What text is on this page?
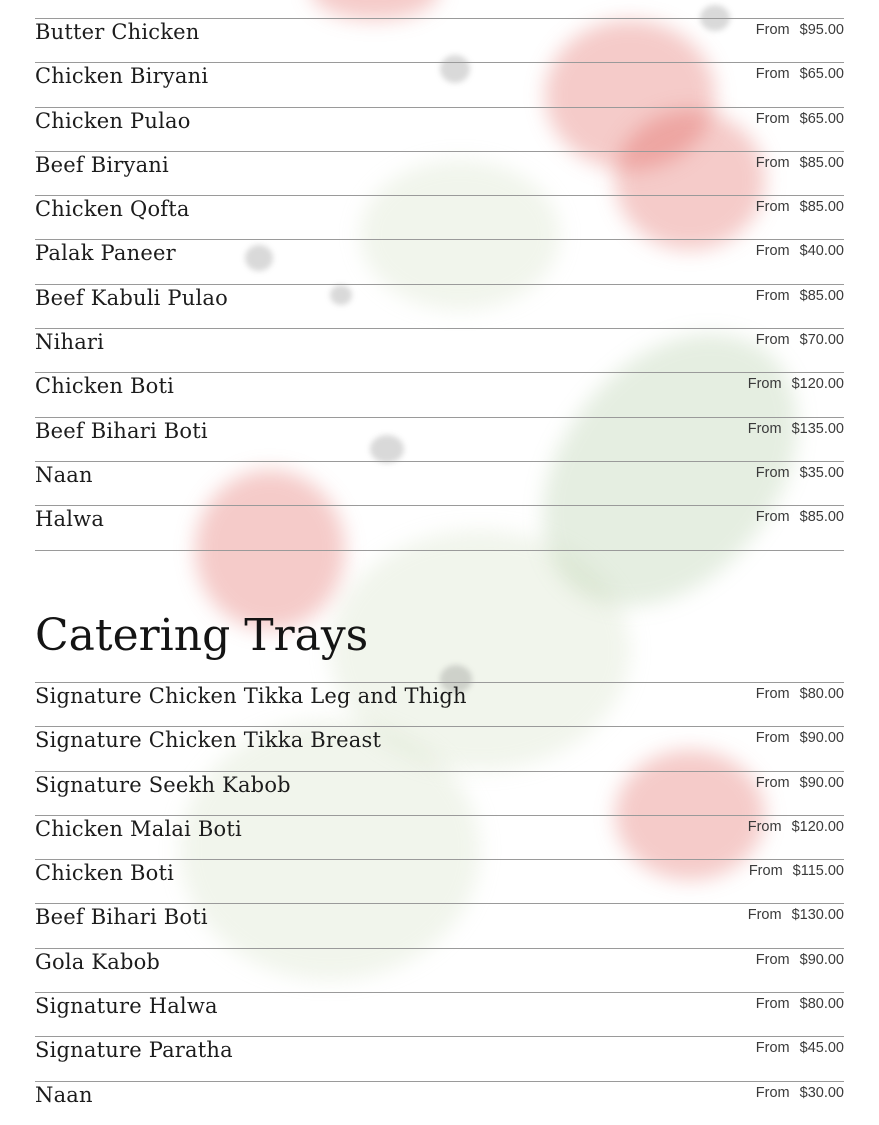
Butter Chicken	From $95.00
Chicken Biryani	From $65.00
Chicken Pulao	From $65.00
Beef Biryani	From $85.00
Chicken Qofta	From $85.00
Palak Paneer	From $40.00
Beef Kabuli Pulao	From $85.00
Nihari	From $70.00
Chicken Boti	From $120.00
Beef Bihari Boti	From $135.00
Naan	From $35.00
Halwa	From $85.00
Signature Chicken Tikka Leg and Thigh	From $80.00
Signature Chicken Tikka Breast	From $90.00
Signature Seekh Kabob	From $90.00
Chicken Malai Boti	From $120.00
Chicken Boti	From $115.00
Beef Bihari Boti	From $130.00
Gola Kabob	From $90.00
Signature Halwa	From $80.00
Signature Paratha	From $45.00
Naan	From $30.00
Catering Trays
